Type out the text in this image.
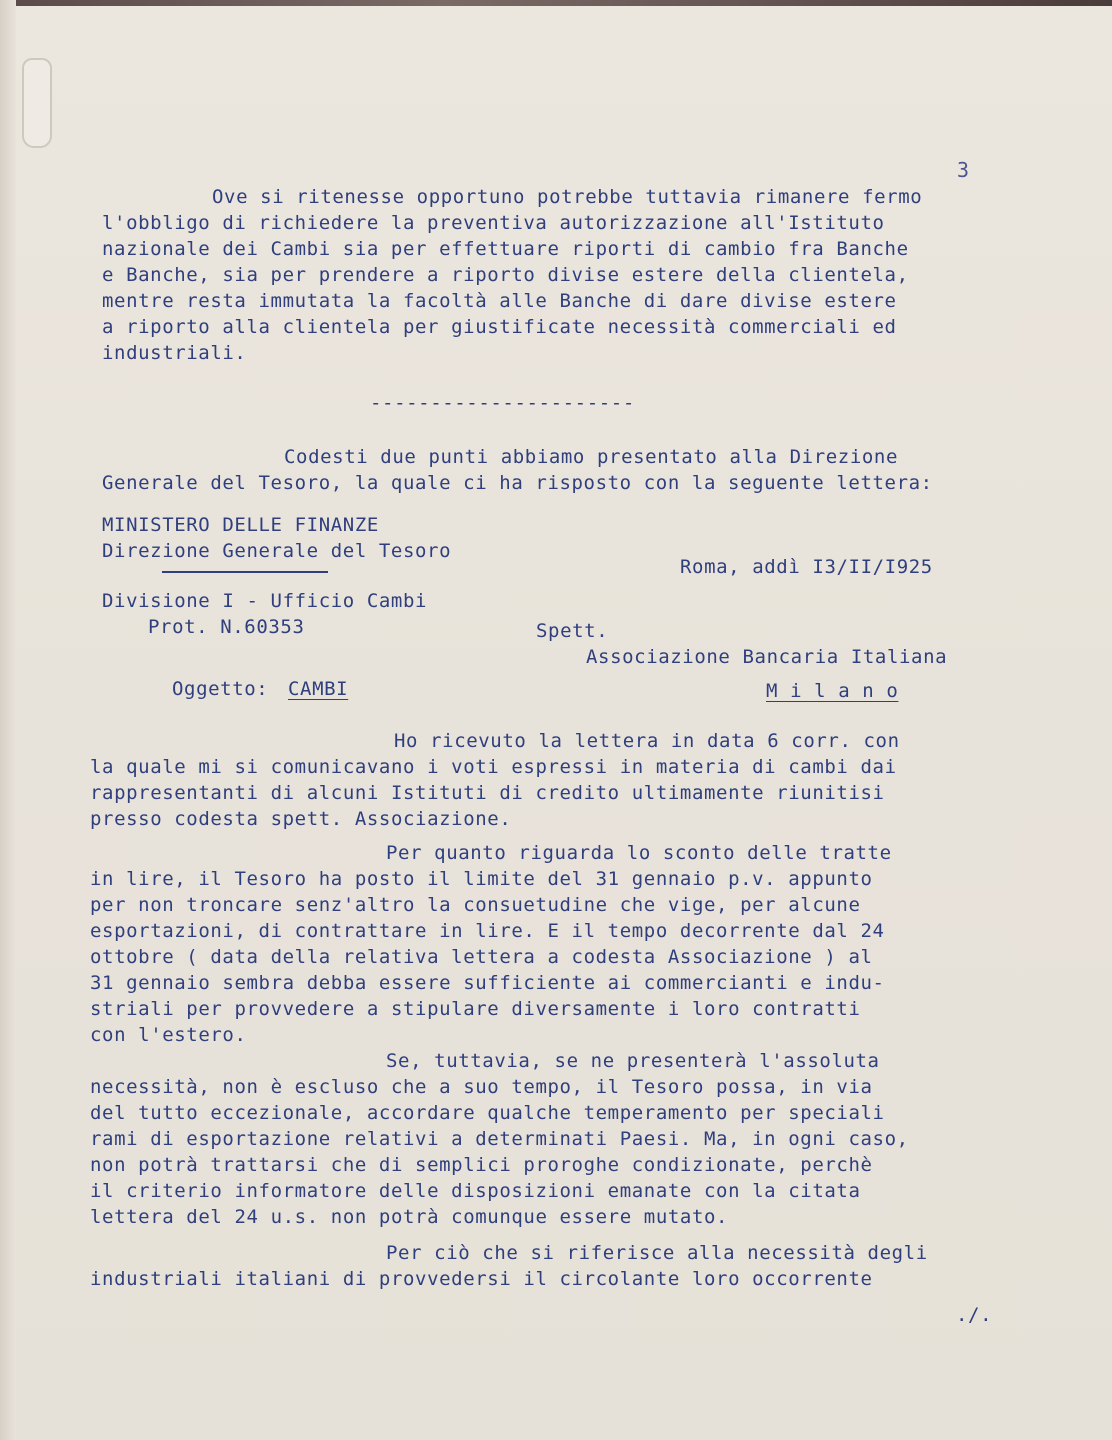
3
Ove si ritenesse opportuno potrebbe tuttavia rimanere fermo
l'obbligo di richiedere la preventiva autorizzazione all'Istituto
nazionale dei Cambi sia per effettuare riporti di cambio fra Banche
e Banche, sia per prendere a riporto divise estere della clientela,
mentre resta immutata la facoltà alle Banche di dare divise estere
a riporto alla clientela per giustificate necessità commerciali ed
industriali.
----------------------
Codesti due punti abbiamo presentato alla Direzione
Generale del Tesoro, la quale ci ha risposto con la seguente lettera:
MINISTERO DELLE FINANZE
Direzione Generale del Tesoro
Roma, addì I3/II/I925
Divisione I - Ufficio Cambi
Prot. N.60353	Spett.
Associazione Bancaria Italiana
Oggetto: CAMBI	M i l a n o
Ho ricevuto la lettera in data 6 corr. con
la quale mi si comunicavano i voti espressi in materia di cambi dai
rappresentanti di alcuni Istituti di credito ultimamente riunitisi
presso codesta spett. Associazione.
Per quanto riguarda lo sconto delle tratte
in lire, il Tesoro ha posto il limite del 31 gennaio p.v. appunto
per non troncare senz'altro la consuetudine che vige, per alcune
esportazioni, di contrattare in lire. E il tempo decorrente dal 24
ottobre ( data della relativa lettera a codesta Associazione ) al
31 gennaio sembra debba essere sufficiente ai commercianti e indu-
striali per provvedere a stipulare diversamente i loro contratti
con l'estero.
Se, tuttavia, se ne presenterà l'assoluta
necessità, non è escluso che a suo tempo, il Tesoro possa, in via
del tutto eccezionale, accordare qualche temperamento per speciali
rami di esportazione relativi a determinati Paesi. Ma, in ogni caso,
non potrà trattarsi che di semplici proroghe condizionate, perchè
il criterio informatore delle disposizioni emanate con la citata
lettera del 24 u.s. non potrà comunque essere mutato.
Per ciò che si riferisce alla necessità degli
industriali italiani di provvedersi il circolante loro occorrente
./.
